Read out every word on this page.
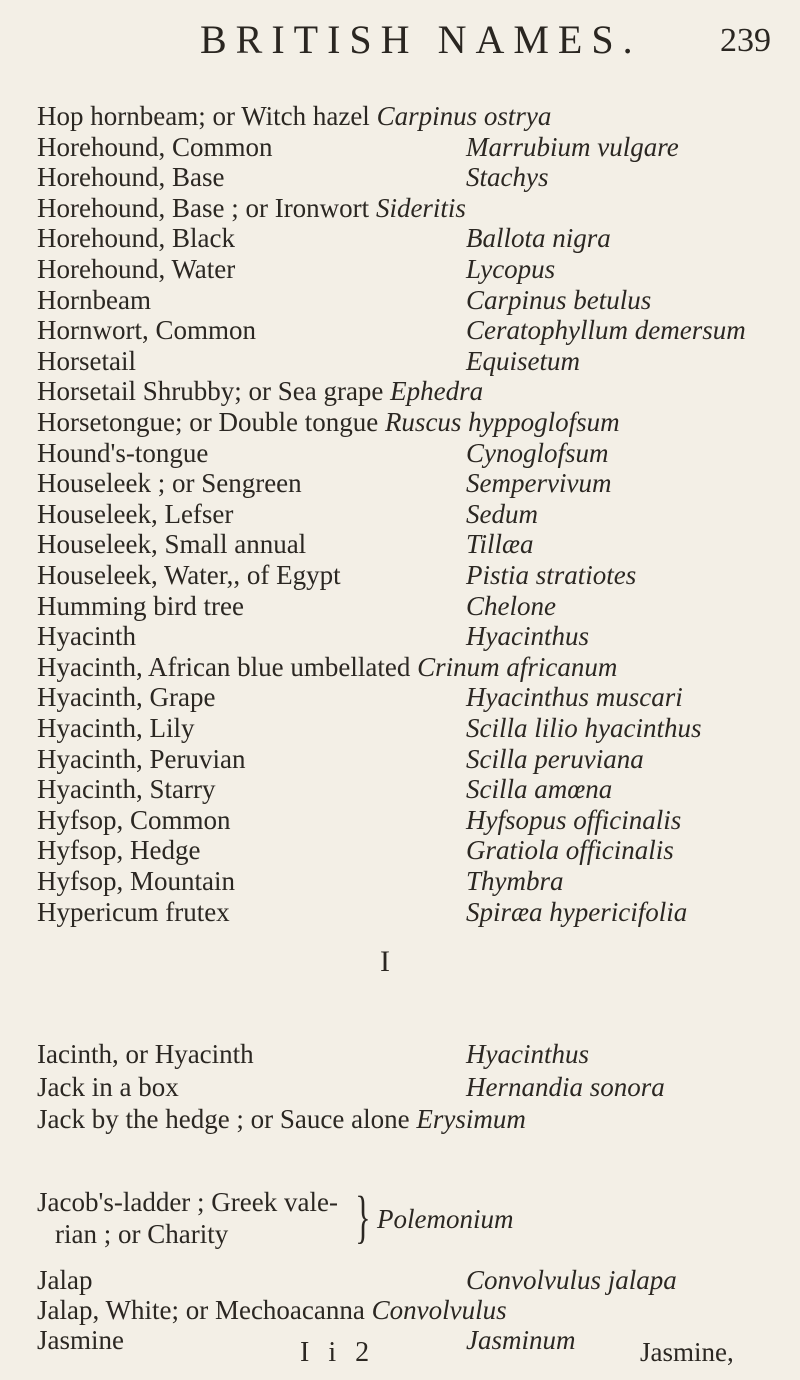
BRITISH NAMES. 239
Hop hornbeam; or Witch hazel Carpinus ostrya
Horehound, Common	Marrubium vulgare
Horehound, Base	Stachys
Horehound, Base ; or Ironwort Sideritis
Horehound, Black	Ballota nigra
Horehound, Water	Lycopus
Hornbeam	Carpinus betulus
Hornwort, Common	Ceratophyllum demersum
Horsetail	Equisetum
Horsetail Shrubby; or Sea grape Ephedra
Horsetongue; or Double tongue Ruscus hyppoglofsum
Hound's-tongue	Cynoglofsum
Houseleek ; or Sengreen	Sempervivum
Houseleek, Lefser	Sedum
Houseleek, Small annual	Tillæa
Houseleek, Water,, of Egypt	Pistia stratiotes
Humming bird tree	Chelone
Hyacinth	Hyacinthus
Hyacinth, African blue umbellated Crinum africanum
Hyacinth, Grape	Hyacinthus muscari
Hyacinth, Lily	Scilla lilio hyacinthus
Hyacinth, Peruvian	Scilla peruviana
Hyacinth, Starry	Scilla amœna
Hyfsop, Common	Hyfsopus officinalis
Hyfsop, Hedge	Gratiola officinalis
Hyfsop, Mountain	Thymbra
Hypericum frutex	Spiræa hypericifolia
Iacinth, or Hyacinth	Hyacinthus
Jack in a box	Hernandia sonora
Jack by the hedge ; or Sauce alone Erysimum
Jalap	Convolvulus jalapa
Jalap, White; or Mechoacanna Convolvulus
Jasmine	Jasminum
I
Jacob's-ladder ; Greek vale-
rian ; or Charity	} Polemonium
I i 2	Jasmine,
